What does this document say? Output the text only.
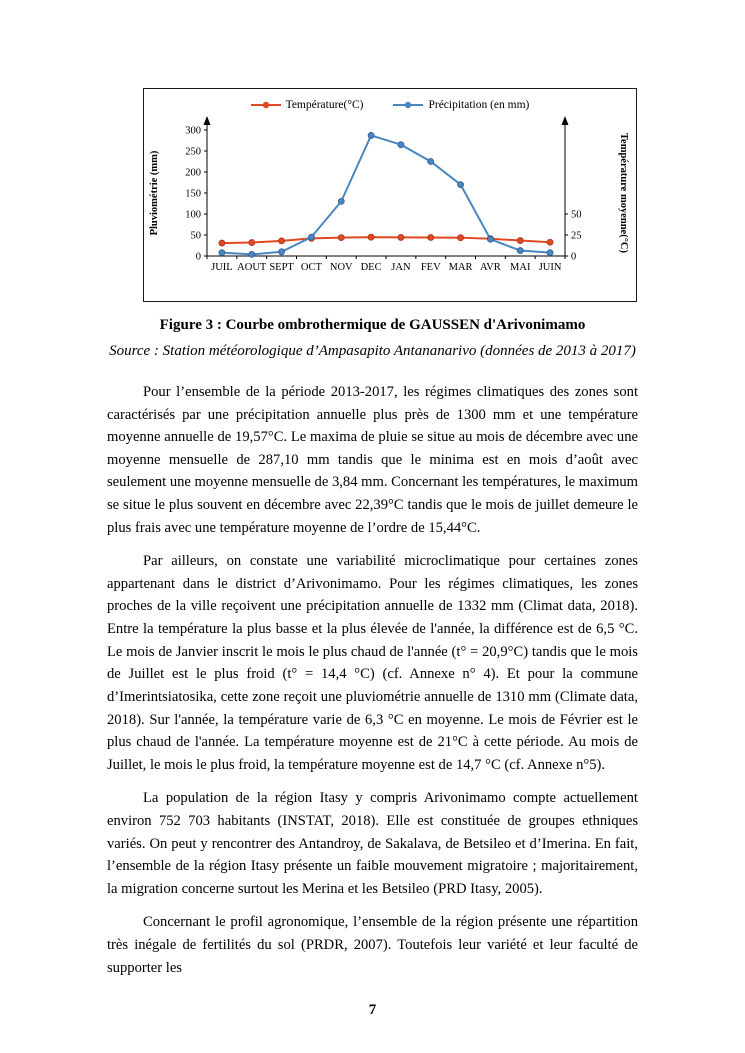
Température(°C)	Précipitation (en mm)
JUIL AOUT SEPT OCT NOV DEC JAN FEV MAR AVR MAI JUIN
0
50
100
150
200
250
300
0
25
50
Pluviométrie (mm)	Température moyenne(°C)
Figure 3 : Courbe ombrothermique de GAUSSEN d'Arivonimamo
Source : Station météorologique d’Ampasapito Antananarivo (données de 2013 à 2017)

Pour l’ensemble de la période 2013-2017, les régimes climatiques des zones sont caractérisés par une précipitation annuelle plus près de 1300 mm et une température moyenne annuelle de 19,57°C. Le maxima de pluie se situe au mois de décembre avec une moyenne mensuelle de 287,10 mm tandis que le minima est en mois d’août avec seulement une moyenne mensuelle de 3,84 mm. Concernant les températures, le maximum se situe le plus souvent en décembre avec 22,39°C tandis que le mois de juillet demeure le plus frais avec une température moyenne de l’ordre de 15,44°C.

Par ailleurs, on constate une variabilité microclimatique pour certaines zones appartenant dans le district d’Arivonimamo. Pour les régimes climatiques, les zones proches de la ville reçoivent une précipitation annuelle de 1332 mm (Climat data, 2018). Entre la température la plus basse et la plus élevée de l'année, la différence est de 6,5 °C. Le mois de Janvier inscrit le mois le plus chaud de l'année (t° = 20,9°C) tandis que le mois de Juillet est le plus froid (t° = 14,4 °C) (cf. Annexe n° 4). Et pour la commune d’Imerintsiatosika, cette zone reçoit une pluviométrie annuelle de 1310 mm (Climate data, 2018). Sur l'année, la température varie de 6,3 °C en moyenne. Le mois de Février est le plus chaud de l'année. La température moyenne est de 21°C à cette période. Au mois de Juillet, le mois le plus froid, la température moyenne est de 14,7 °C (cf. Annexe n°5).

La population de la région Itasy y compris Arivonimamo compte actuellement environ 752 703 habitants (INSTAT, 2018). Elle est constituée de groupes ethniques variés. On peut y rencontrer des Antandroy, de Sakalava, de Betsileo et d’Imerina. En fait, l’ensemble de la région Itasy présente un faible mouvement migratoire ; majoritairement, la migration concerne surtout les Merina et les Betsileo (PRD Itasy, 2005).

Concernant le profil agronomique, l’ensemble de la région présente une répartition très inégale de fertilités du sol (PRDR, 2007). Toutefois leur variété et leur faculté de supporter les

7
